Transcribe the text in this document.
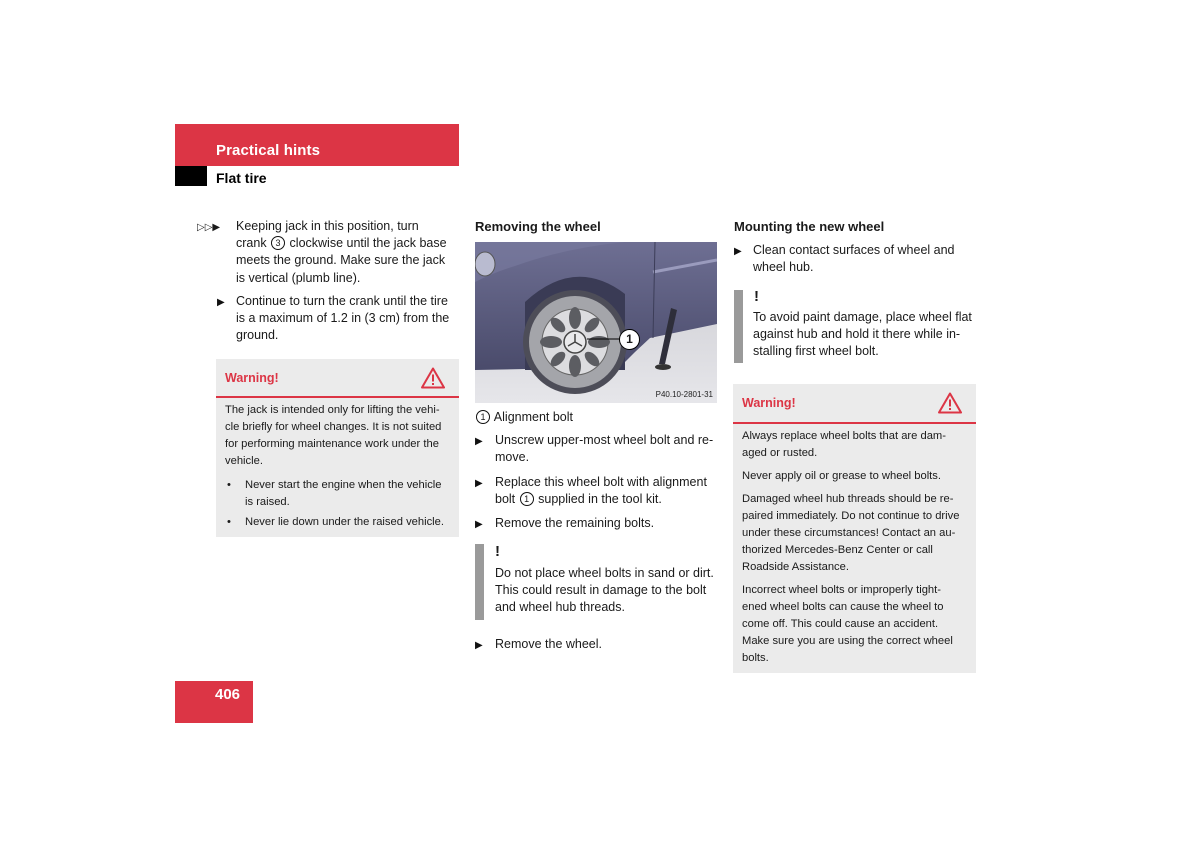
Practical hints
Flat tire
▷▷▶ Keeping jack in this position, turn
crank 3 clockwise until the jack base
meets the ground. Make sure the jack
is vertical (plumb line).
▶ Continue to turn the crank until the tire
is a maximum of 1.2 in (3 cm) from the
ground.
Warning!
The jack is intended only for lifting the vehi-
cle briefly for wheel changes. It is not suited
for performing maintenance work under the
vehicle.
• Never start the engine when the vehicle
is raised.
• Never lie down under the raised vehicle.
Removing the wheel
1
P40.10-2801-31
1 Alignment bolt
▶ Unscrew upper-most wheel bolt and re-
move.
▶ Replace this wheel bolt with alignment
bolt 1 supplied in the tool kit.
▶ Remove the remaining bolts.
!
Do not place wheel bolts in sand or dirt.
This could result in damage to the bolt
and wheel hub threads.
▶ Remove the wheel.
Mounting the new wheel
▶ Clean contact surfaces of wheel and
wheel hub.
!
To avoid paint damage, place wheel flat
against hub and hold it there while in-
stalling first wheel bolt.
Warning!
Always replace wheel bolts that are dam-
aged or rusted.
Never apply oil or grease to wheel bolts.
Damaged wheel hub threads should be re-
paired immediately. Do not continue to drive
under these circumstances! Contact an au-
thorized Mercedes-Benz Center or call
Roadside Assistance.
Incorrect wheel bolts or improperly tight-
ened wheel bolts can cause the wheel to
come off. This could cause an accident.
Make sure you are using the correct wheel
bolts.
406
